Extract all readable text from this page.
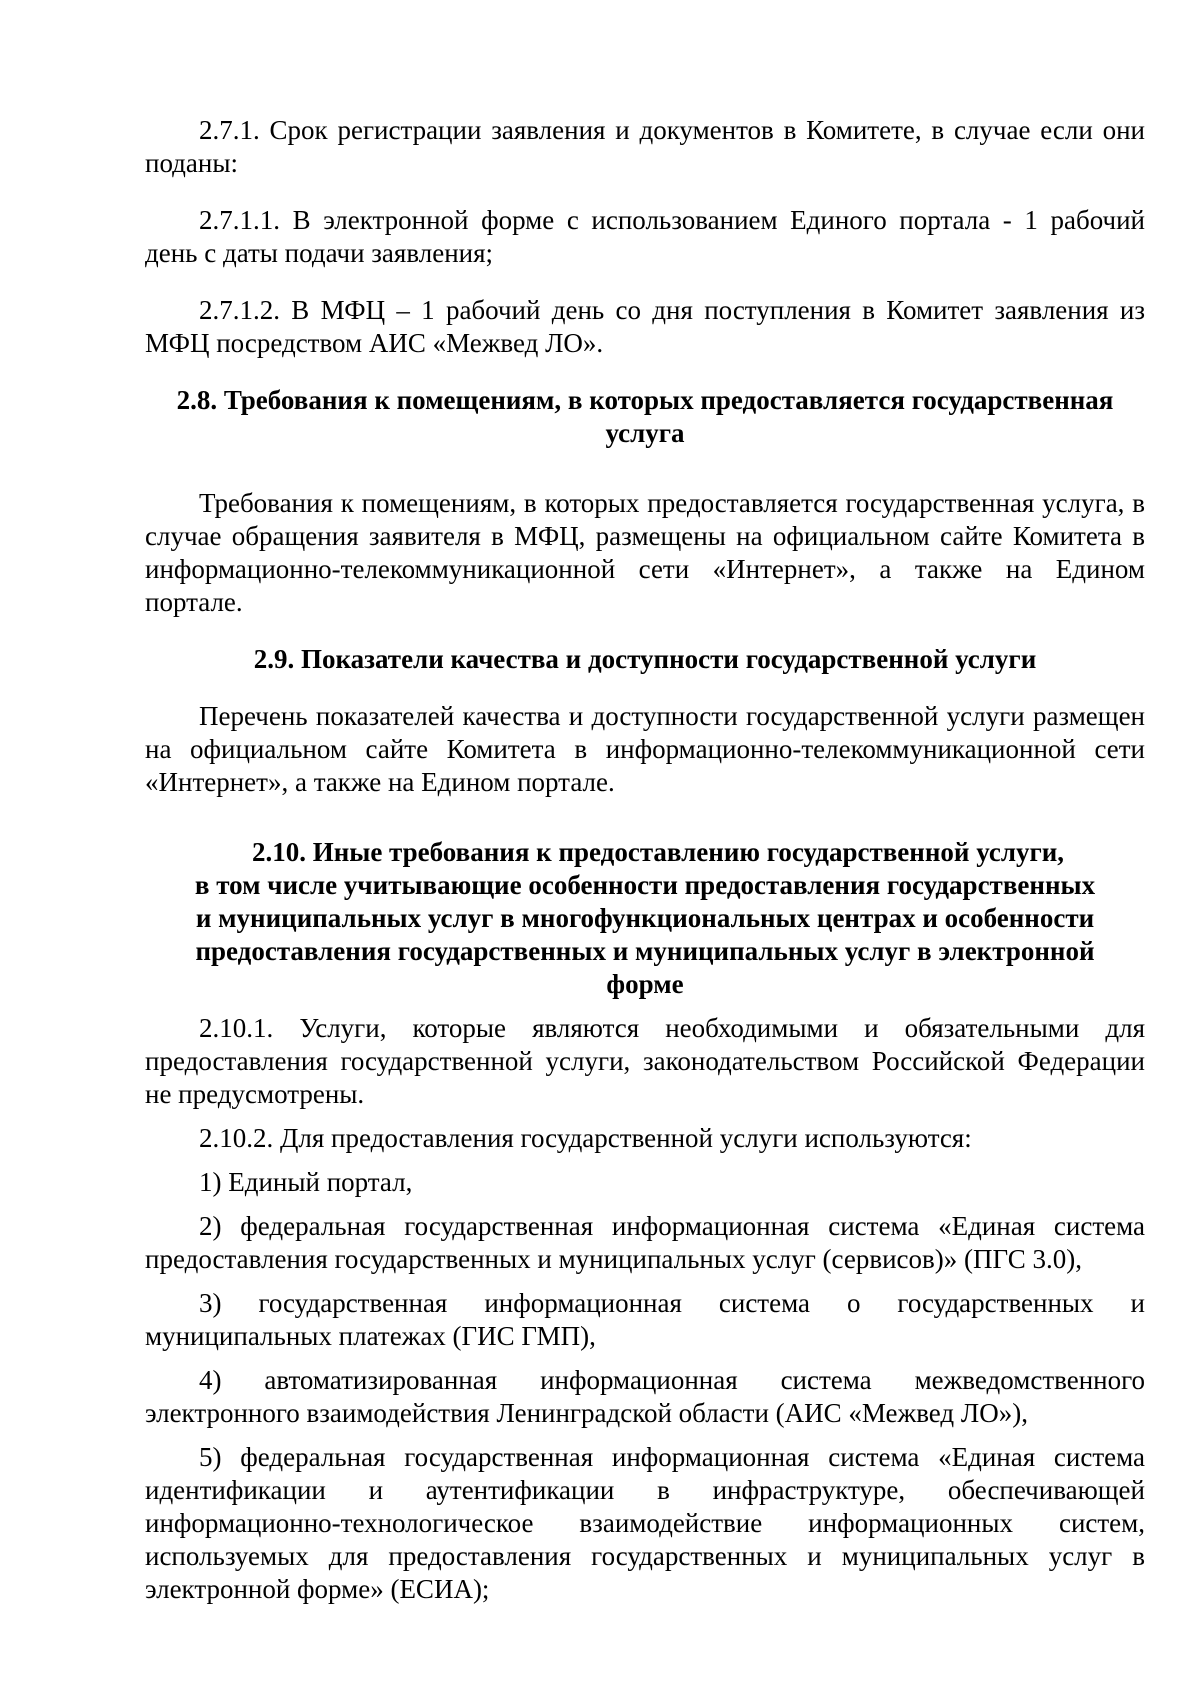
2.7.1. Срок регистрации заявления и документов в Комитете, в случае если они поданы:

2.7.1.1. В электронной форме с использованием Единого портала - 1 рабочий день с даты подачи заявления;

2.7.1.2. В МФЦ – 1 рабочий день со дня поступления в Комитет заявления из МФЦ посредством АИС «Межвед ЛО».

2.8. Требования к помещениям, в которых предоставляется государственная
услуга

Требования к помещениям, в которых предоставляется государственная услуга, в случае обращения заявителя в МФЦ, размещены на официальном сайте Комитета в информационно-телекоммуникационной сети «Интернет», а также на Едином портале.

2.9. Показатели качества и доступности государственной услуги

Перечень показателей качества и доступности государственной услуги размещен на официальном сайте Комитета в информационно-телекоммуникационной сети «Интернет», а также на Едином портале.

2.10. Иные требования к предоставлению государственной услуги,
в том числе учитывающие особенности предоставления государственных
и муниципальных услуг в многофункциональных центрах и особенности
предоставления государственных и муниципальных услуг в электронной
форме

2.10.1. Услуги, которые являются необходимыми и обязательными для предоставления государственной услуги, законодательством Российской Федерации не предусмотрены.

2.10.2. Для предоставления государственной услуги используются:

1) Единый портал,

2) федеральная государственная информационная система «Единая система предоставления государственных и муниципальных услуг (сервисов)» (ПГС 3.0),

3) государственная информационная система о государственных и муниципальных платежах (ГИС ГМП),

4) автоматизированная информационная система межведомственного электронного взаимодействия Ленинградской области (АИС «Межвед ЛО»),

5) федеральная государственная информационная система «Единая система идентификации и аутентификации в инфраструктуре, обеспечивающей информационно-технологическое взаимодействие информационных систем, используемых для предоставления государственных и муниципальных услуг в электронной форме» (ЕСИА);
